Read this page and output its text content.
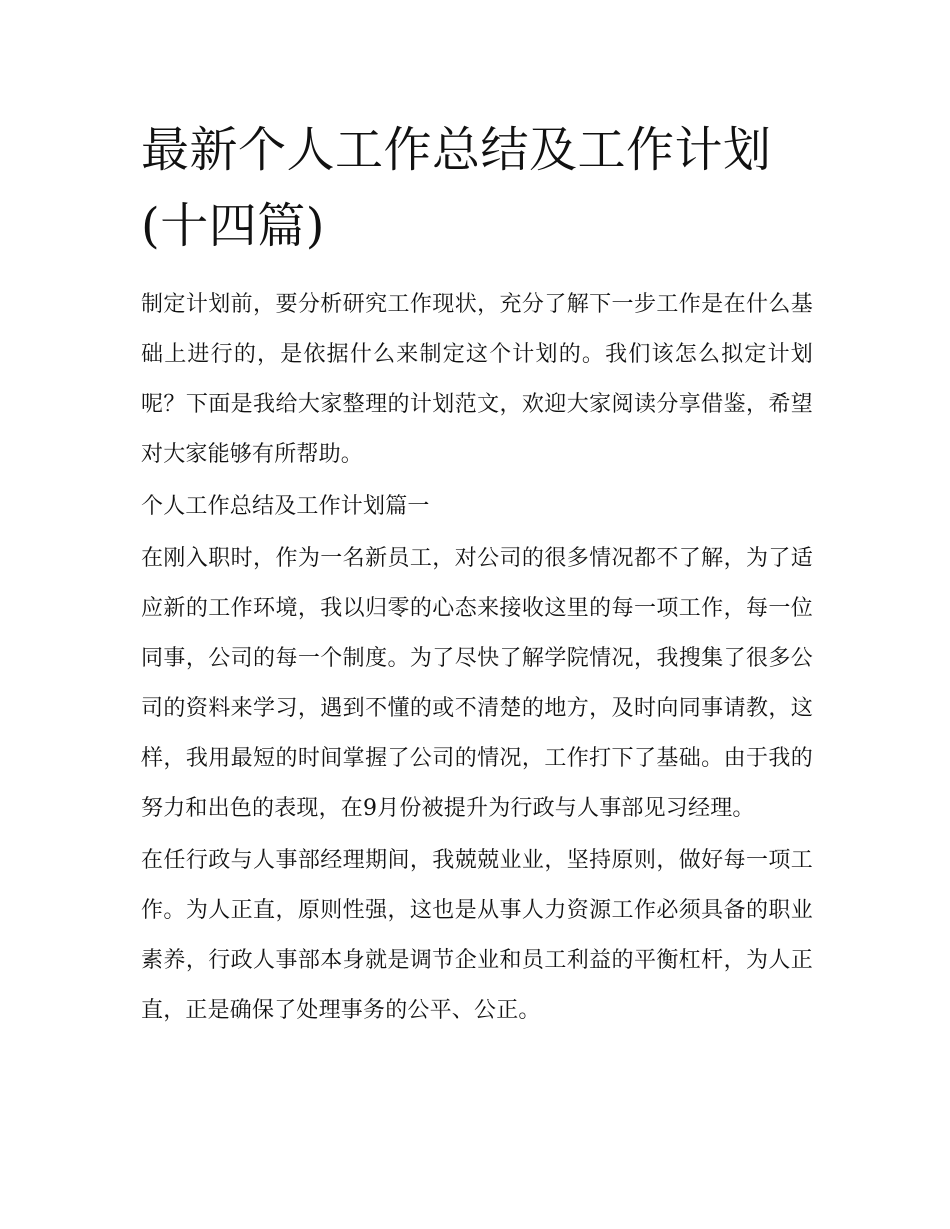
最新个人工作总结及工作计划
(十四篇)

制定计划前，要分析研究工作现状，充分了解下一步工作是在什么基础上进行的，是依据什么来制定这个计划的。我们该怎么拟定计划呢？下面是我给大家整理的计划范文，欢迎大家阅读分享借鉴，希望对大家能够有所帮助。

个人工作总结及工作计划篇一

在刚入职时，作为一名新员工，对公司的很多情况都不了解，为了适应新的工作环境，我以归零的心态来接收这里的每一项工作，每一位同事，公司的每一个制度。为了尽快了解学院情况，我搜集了很多公司的资料来学习，遇到不懂的或不清楚的地方，及时向同事请教，这样，我用最短的时间掌握了公司的情况，工作打下了基础。由于我的努力和出色的表现，在9月份被提升为行政与人事部见习经理。

在任行政与人事部经理期间，我兢兢业业，坚持原则，做好每一项工作。为人正直，原则性强，这也是从事人力资源工作必须具备的职业素养，行政人事部本身就是调节企业和员工利益的平衡杠杆，为人正直，正是确保了处理事务的公平、公正。
